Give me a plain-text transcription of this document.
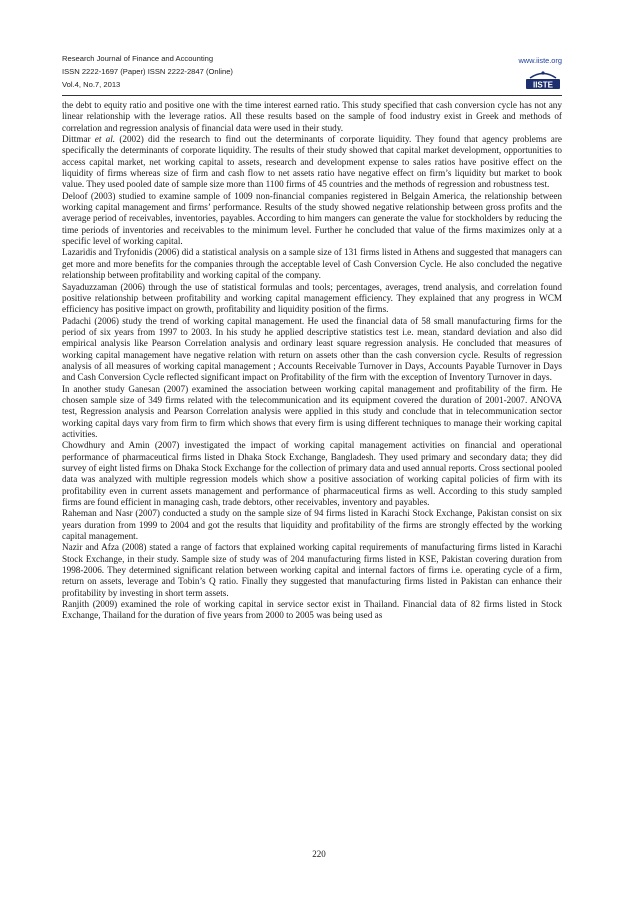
Research Journal of Finance and Accounting
ISSN 2222-1697 (Paper) ISSN 2222-2847 (Online)
Vol.4, No.7, 2013
www.iiste.org
IISTE

the debt to equity ratio and positive one with the time interest earned ratio. This study specified that cash conversion cycle has not any linear relationship with the leverage ratios. All these results based on the sample of food industry exist in Greek and methods of correlation and regression analysis of financial data were used in their study.

Dittmar et al. (2002) did the research to find out the determinants of corporate liquidity. They found that agency problems are specifically the determinants of corporate liquidity. The results of their study showed that capital market development, opportunities to access capital market, net working capital to assets, research and development expense to sales ratios have positive effect on the liquidity of firms whereas size of firm and cash flow to net assets ratio have negative effect on firm’s liquidity but market to book value. They used pooled date of sample size more than 1100 firms of 45 countries and the methods of regression and robustness test.

Deloof (2003) studied to examine sample of 1009 non-financial companies registered in Belgain America, the relationship between working capital management and firms’ performance. Results of the study showed negative relationship between gross profits and the average period of receivables, inventories, payables. According to him mangers can generate the value for stockholders by reducing the time periods of inventories and receivables to the minimum level. Further he concluded that value of the firms maximizes only at a specific level of working capital.

Lazaridis and Tryfonidis (2006) did a statistical analysis on a sample size of 131 firms listed in Athens and suggested that managers can get more and more benefits for the companies through the acceptable level of Cash Conversion Cycle. He also concluded the negative relationship between profitability and working capital of the company.

Sayaduzzaman (2006) through the use of statistical formulas and tools; percentages, averages, trend analysis, and correlation found positive relationship between profitability and working capital management efficiency. They explained that any progress in WCM efficiency has positive impact on growth, profitability and liquidity position of the firms.

Padachi (2006) study the trend of working capital management. He used the financial data of 58 small manufacturing firms for the period of six years from 1997 to 2003. In his study he applied descriptive statistics test i.e. mean, standard deviation and also did empirical analysis like Pearson Correlation analysis and ordinary least square regression analysis. He concluded that measures of working capital management have negative relation with return on assets other than the cash conversion cycle. Results of regression analysis of all measures of working capital management ; Accounts Receivable Turnover in Days, Accounts Payable Turnover in Days and Cash Conversion Cycle reflected significant impact on Profitability of the firm with the exception of Inventory Turnover in days.

In another study Ganesan (2007) examined the association between working capital management and profitability of the firm. He chosen sample size of 349 firms related with the telecommunication and its equipment covered the duration of 2001-2007. ANOVA test, Regression analysis and Pearson Correlation analysis were applied in this study and conclude that in telecommunication sector working capital days vary from firm to firm which shows that every firm is using different techniques to manage their working capital activities.

Chowdhury and Amin (2007) investigated the impact of working capital management activities on financial and operational performance of pharmaceutical firms listed in Dhaka Stock Exchange, Bangladesh. They used primary and secondary data; they did survey of eight listed firms on Dhaka Stock Exchange for the collection of primary data and used annual reports. Cross sectional pooled data was analyzed with multiple regression models which show a positive association of working capital policies of firm with its profitability even in current assets management and performance of pharmaceutical firms as well. According to this study sampled firms are found efficient in managing cash, trade debtors, other receivables, inventory and payables.

Raheman and Nasr (2007) conducted a study on the sample size of 94 firms listed in Karachi Stock Exchange, Pakistan consist on six years duration from 1999 to 2004 and got the results that liquidity and profitability of the firms are strongly effected by the working capital management.

Nazir and Afza (2008) stated a range of factors that explained working capital requirements of manufacturing firms listed in Karachi Stock Exchange, in their study. Sample size of study was of 204 manufacturing firms listed in KSE, Pakistan covering duration from 1998-2006. They determined significant relation between working capital and internal factors of firms i.e. operating cycle of a firm, return on assets, leverage and Tobin’s Q ratio. Finally they suggested that manufacturing firms listed in Pakistan can enhance their profitability by investing in short term assets.

Ranjith (2009) examined the role of working capital in service sector exist in Thailand. Financial data of 82 firms listed in Stock Exchange, Thailand for the duration of five years from 2000 to 2005 was being used as

220
